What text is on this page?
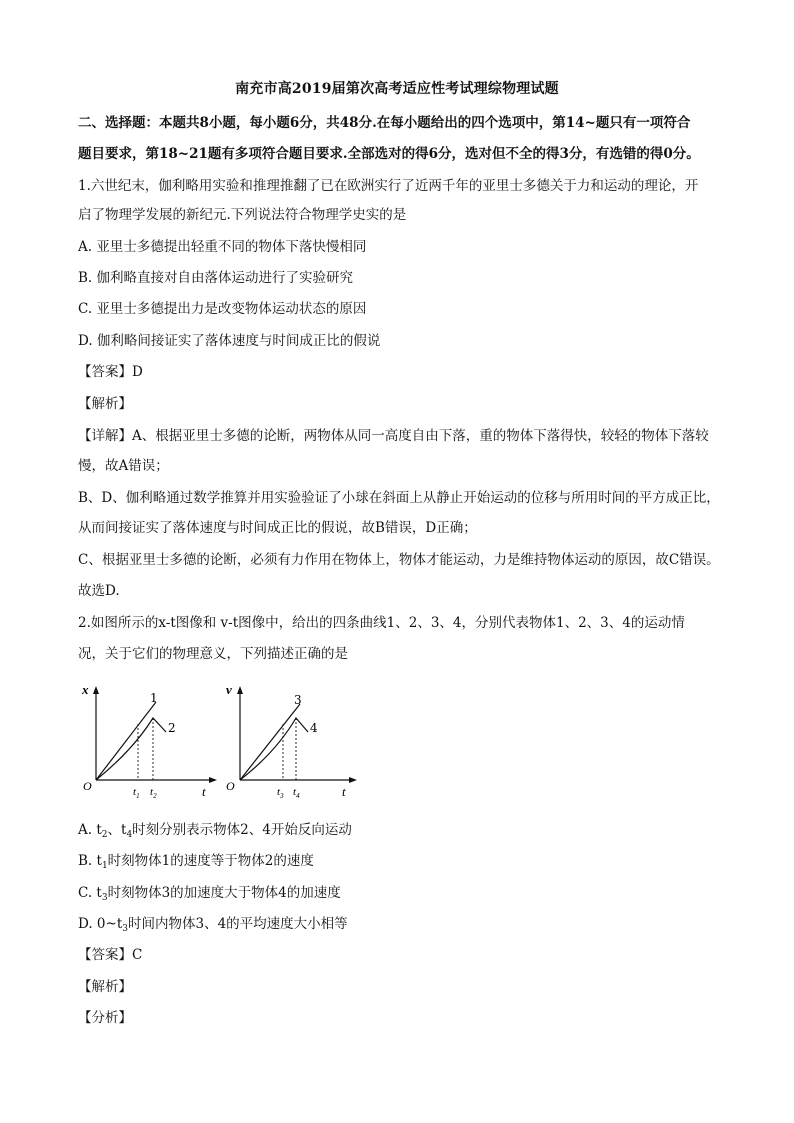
南充市高2019届第次高考适应性考试理综物理试题
二、选择题：本题共8小题，每小题6分，共48分.在每小题给出的四个选项中，第14~题只有一项符合
题目要求，第18~21题有多项符合题目要求.全部选对的得6分，选对但不全的得3分，有选错的得0分。
1.六世纪末，伽利略用实验和推理推翻了已在欧洲实行了近两千年的亚里士多德关于力和运动的理论，开
启了物理学发展的新纪元.下列说法符合物理学史实的是
A. 亚里士多德提出轻重不同的物体下落快慢相同
B. 伽利略直接对自由落体运动进行了实验研究
C. 亚里士多德提出力是改变物体运动状态的原因
D. 伽利略间接证实了落体速度与时间成正比的假说
【答案】D
【解析】
【详解】A、根据亚里士多德的论断，两物体从同一高度自由下落，重的物体下落得快，较轻的物体下落较
慢，故A错误；
B、D、伽利略通过数学推算并用实验验证了小球在斜面上从静止开始运动的位移与所用时间的平方成正比，
从而间接证实了落体速度与时间成正比的假说，故B错误，D正确；
C、根据亚里士多德的论断，必须有力作用在物体上，物体才能运动，力是维持物体运动的原因，故C错误。
故选D.
2.如图所示的x-t图像和 v-t图像中，给出的四条曲线1、2、3、4，分别代表物体1、2、3、4的运动情
况，关于它们的物理意义，下列描述正确的是
x
t
O
1
2
$t_1$ $t_2$
v
t
O
3
4
$t_3$ $t_4$
A. $t_2$、$t_4$时刻分别表示物体2、4开始反向运动
B. $t_1$时刻物体1的速度等于物体2的速度
C. $t_3$时刻物体3的加速度大于物体4的加速度
D. $0\sim t_3$时间内物体3、4的平均速度大小相等
【答案】C
【解析】
【分析】
